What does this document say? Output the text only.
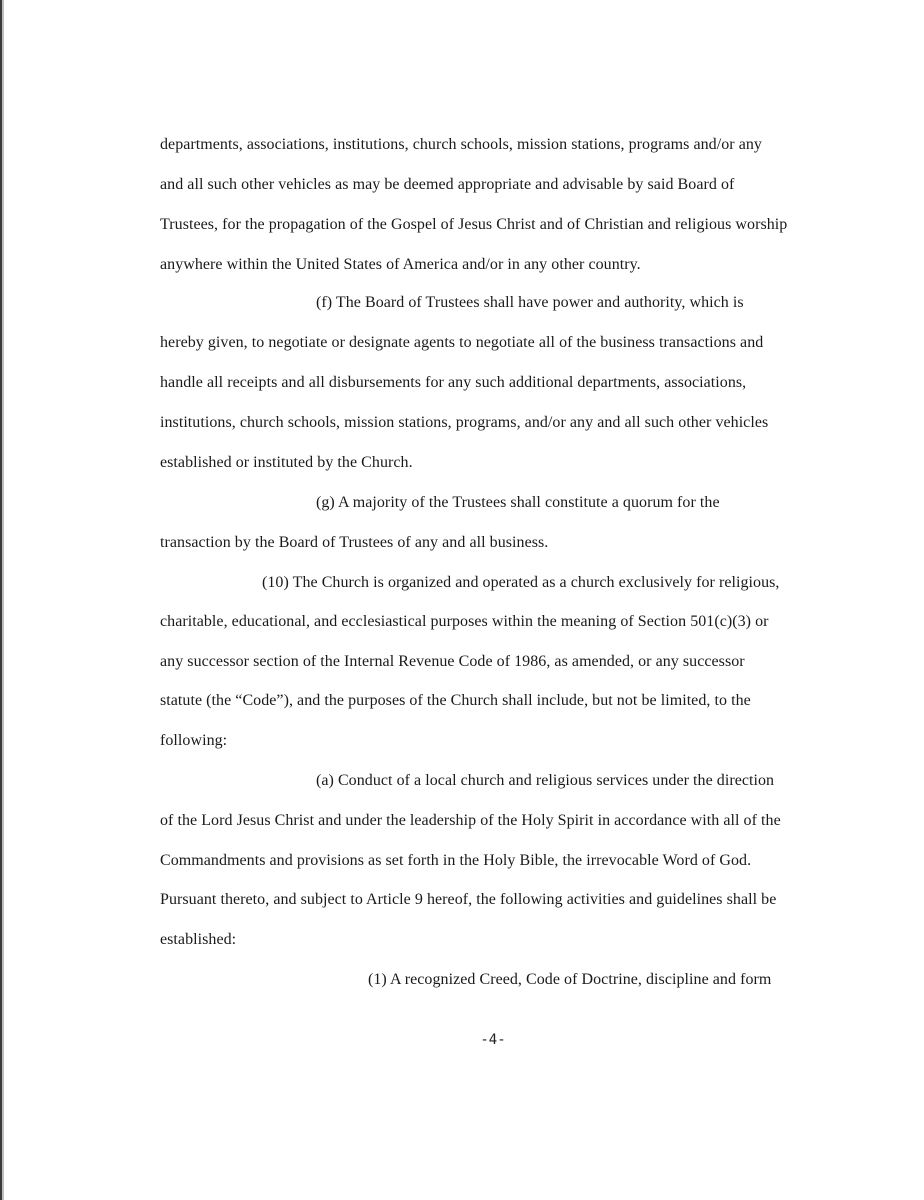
departments, associations, institutions, church schools, mission stations, programs and/or any
and all such other vehicles as may be deemed appropriate and advisable by said Board of
Trustees, for the propagation of the Gospel of Jesus Christ and of Christian and religious worship
anywhere within the United States of America and/or in any other country.
(f) The Board of Trustees shall have power and authority, which is
hereby given, to negotiate or designate agents to negotiate all of the business transactions and
handle all receipts and all disbursements for any such additional departments, associations,
institutions, church schools, mission stations, programs, and/or any and all such other vehicles
established or instituted by the Church.
(g) A majority of the Trustees shall constitute a quorum for the
transaction by the Board of Trustees of any and all business.
(10) The Church is organized and operated as a church exclusively for religious,
charitable, educational, and ecclesiastical purposes within the meaning of Section 501(c)(3) or
any successor section of the Internal Revenue Code of 1986, as amended, or any successor
statute (the “Code”), and the purposes of the Church shall include, but not be limited, to the
following:
(a) Conduct of a local church and religious services under the direction
of the Lord Jesus Christ and under the leadership of the Holy Spirit in accordance with all of the
Commandments and provisions as set forth in the Holy Bible, the irrevocable Word of God.
Pursuant thereto, and subject to Article 9 hereof, the following activities and guidelines shall be
established:
(1) A recognized Creed, Code of Doctrine, discipline and form
-4-
